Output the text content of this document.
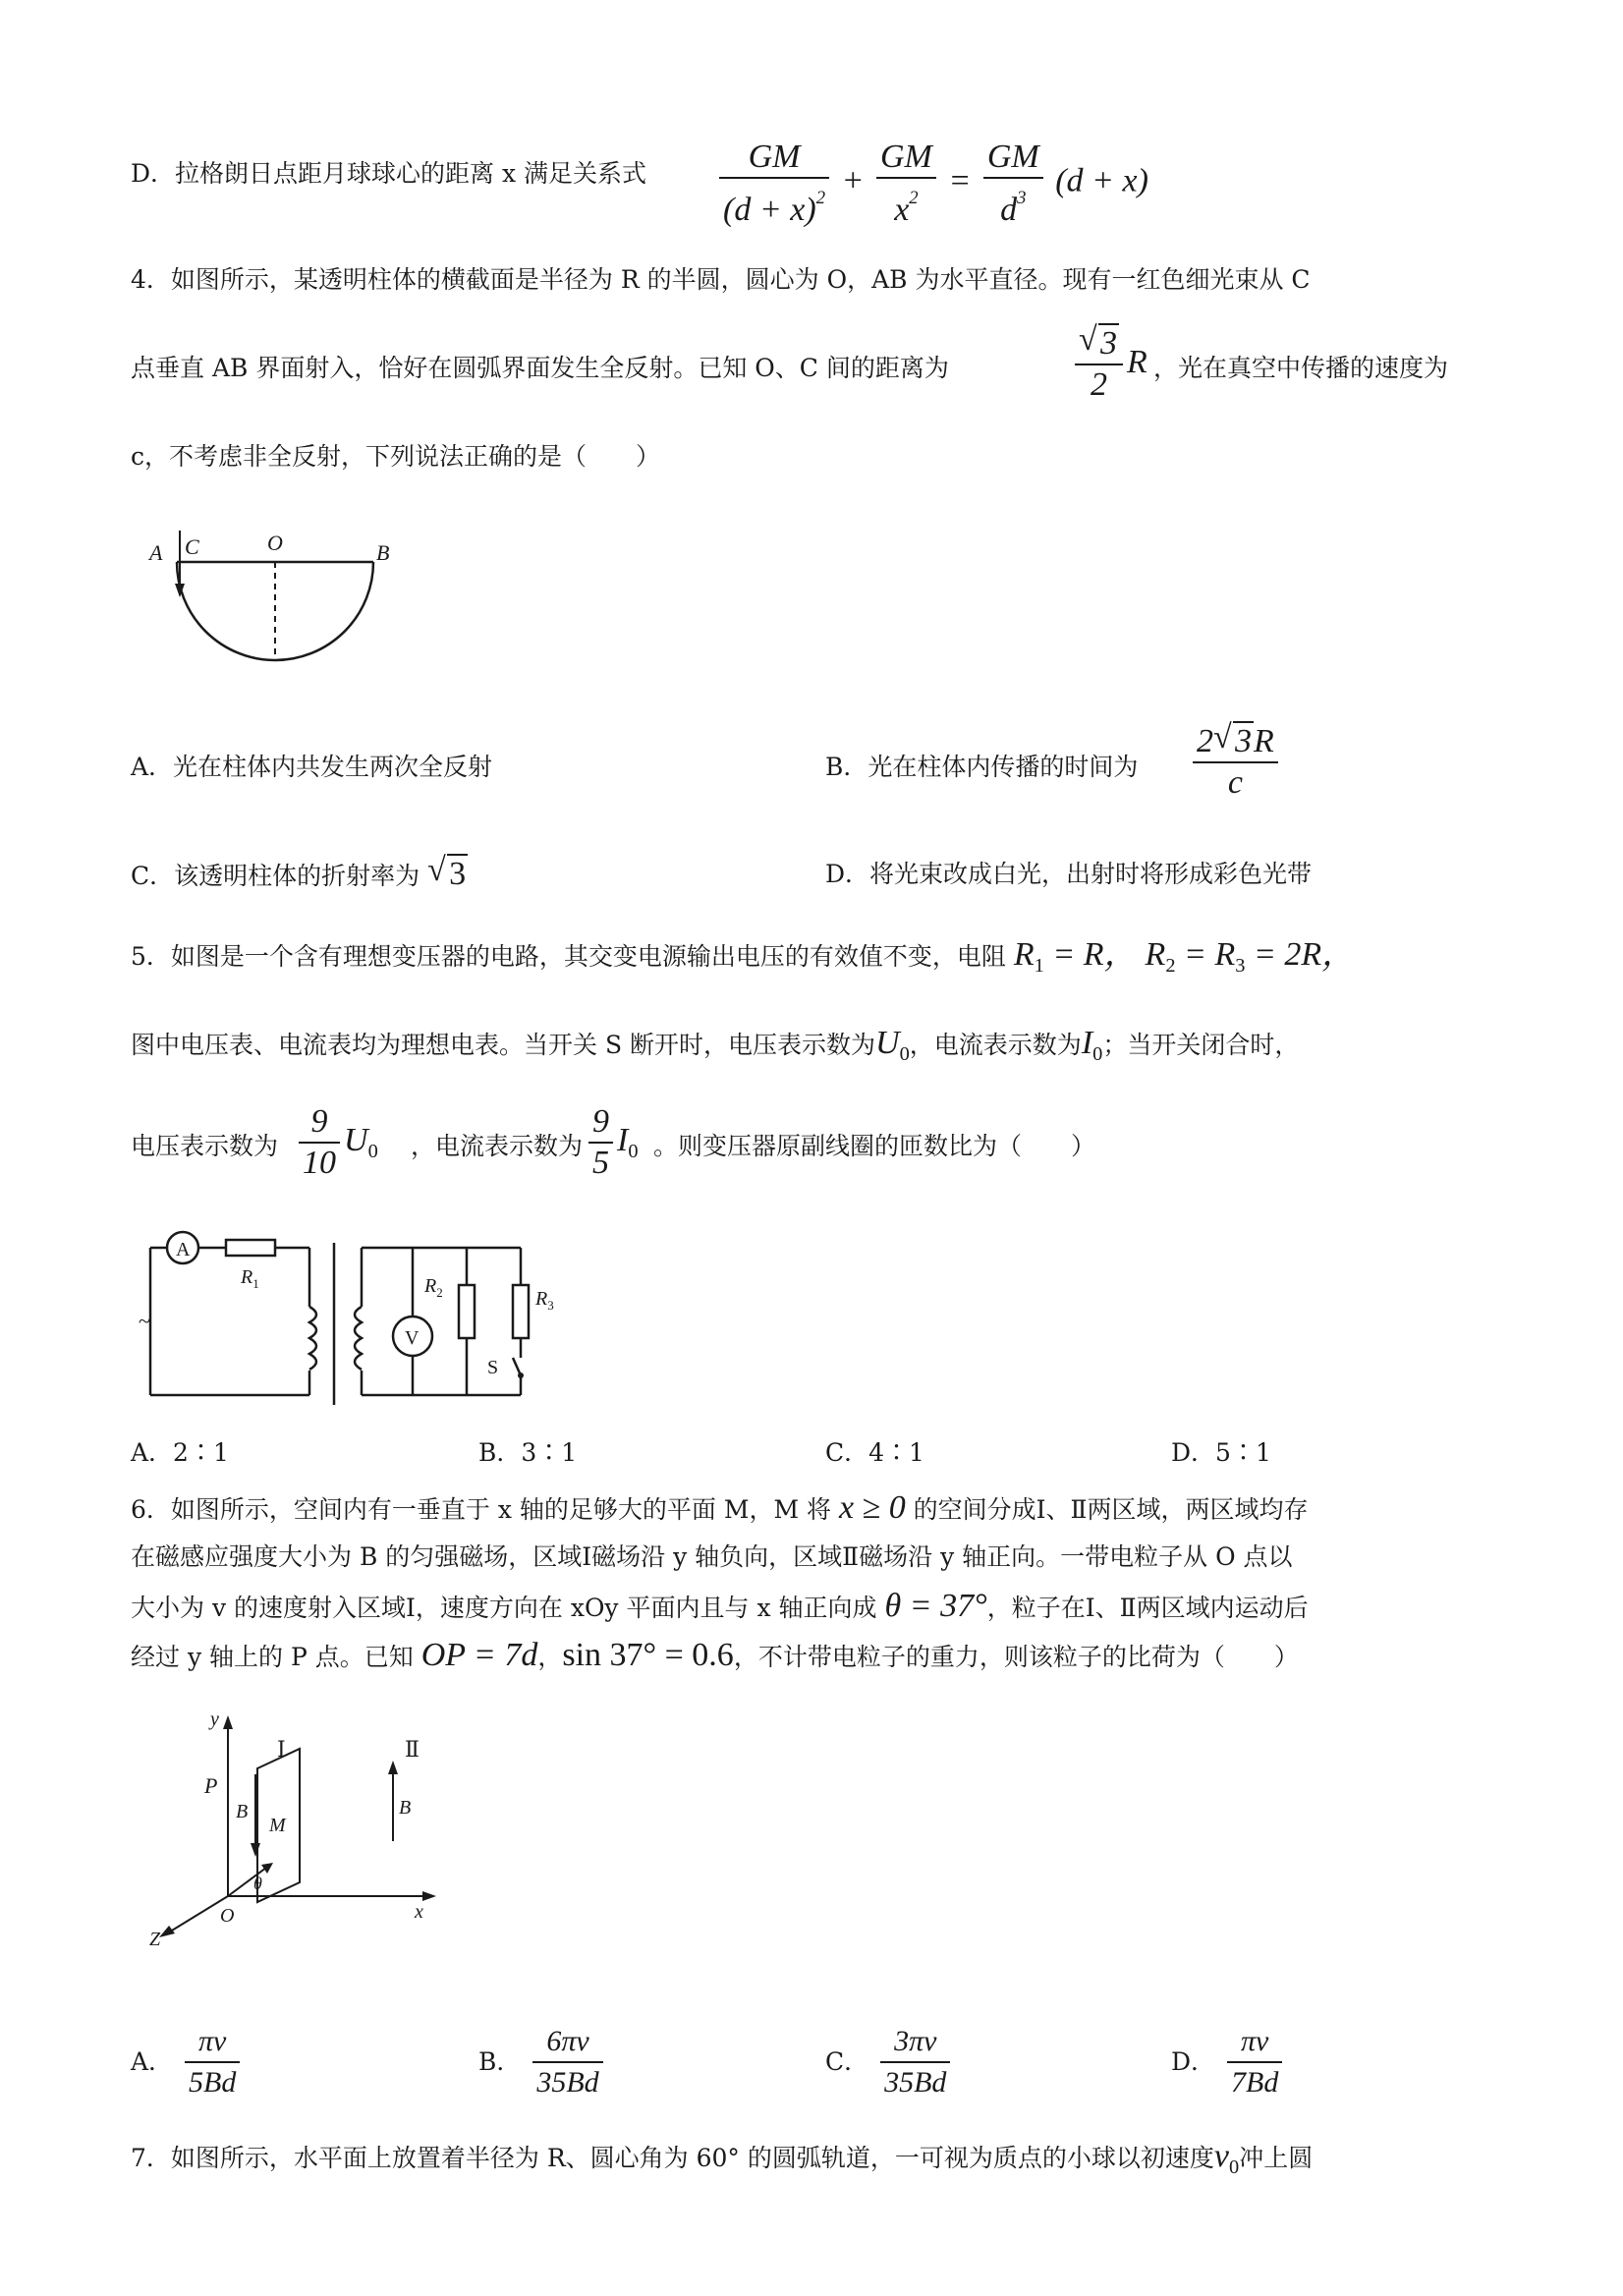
D．拉格朗日点距月球球心的距离 x 满足关系式 $\frac{GM}{(d + x)^2} + \frac{GM}{x^2} = \frac{GM}{d^3} (d + x)$
4．如图所示，某透明柱体的横截面是半径为 R 的半圆，圆心为 O，AB 为水平直径。现有一红色细光束从 C
点垂直 AB 界面射入，恰好在圆弧界面发生全反射。已知 O、C 间的距离为	√ $\frac{3}{2}$ R ，光在真空中传播的速度为
c，不考虑非全反射，下列说法正确的是（　　）
A C	O	B
A．光在柱体内共发生两次全反射	B．光在柱体内传播的时间为 $\frac{2 √ 3R}{c}$
C．该透明柱体的折射率为 √ 3	D．将光束改成白光，出射时将形成彩色光带
5．如图是一个含有理想变压器的电路，其交变电源输出电压的有效值不变，电阻 $R_1 = R$， $R_2 = R_3 = 2R$，
图中电压表、电流表均为理想电表。当开关 S 断开时，电压表示数为$U_0$，电流表示数为$I_0$；当开关闭合时，
电压表示数为 $\frac{9}{10} U_0$ ，电流表示数为 $\frac{9}{5} I_0$ 。则变压器原副线圈的匝数比为（　　）
A
$R_1$
~
V
$R_2$	$R_3$
S
A．2∶1	B．3∶1	C．4∶1	D．5∶1
6．如图所示，空间内有一垂直于 x 轴的足够大的平面 M，M 将 x ≥ 0 的空间分成Ⅰ、Ⅱ两区域，两区域均存
在磁感应强度大小为 B 的匀强磁场，区域Ⅰ磁场沿 y 轴负向，区域Ⅱ磁场沿 y 轴正向。一带电粒子从 O 点以
大小为 v 的速度射入区域Ⅰ，速度方向在 xOy 平面内且与 x 轴正向成 θ = 37°，粒子在Ⅰ、Ⅱ两区域内运动后
经过 y 轴上的 P 点。已知 OP = 7d，sin 37° = 0.6，不计带电粒子的重力，则该粒子的比荷为（　　）
y
x
Z
P
O
B	B
M
Ⅰ	Ⅱ
θ
A． $\frac{\pi v}{5Bd}$	B． $\frac{6\pi v}{35Bd}$	C． $\frac{3\pi v}{35Bd}$	D． $\frac{\pi v}{7Bd}$
7．如图所示，水平面上放置着半径为 R、圆心角为 60° 的圆弧轨道，一可视为质点的小球以初速度$v_0$冲上圆
